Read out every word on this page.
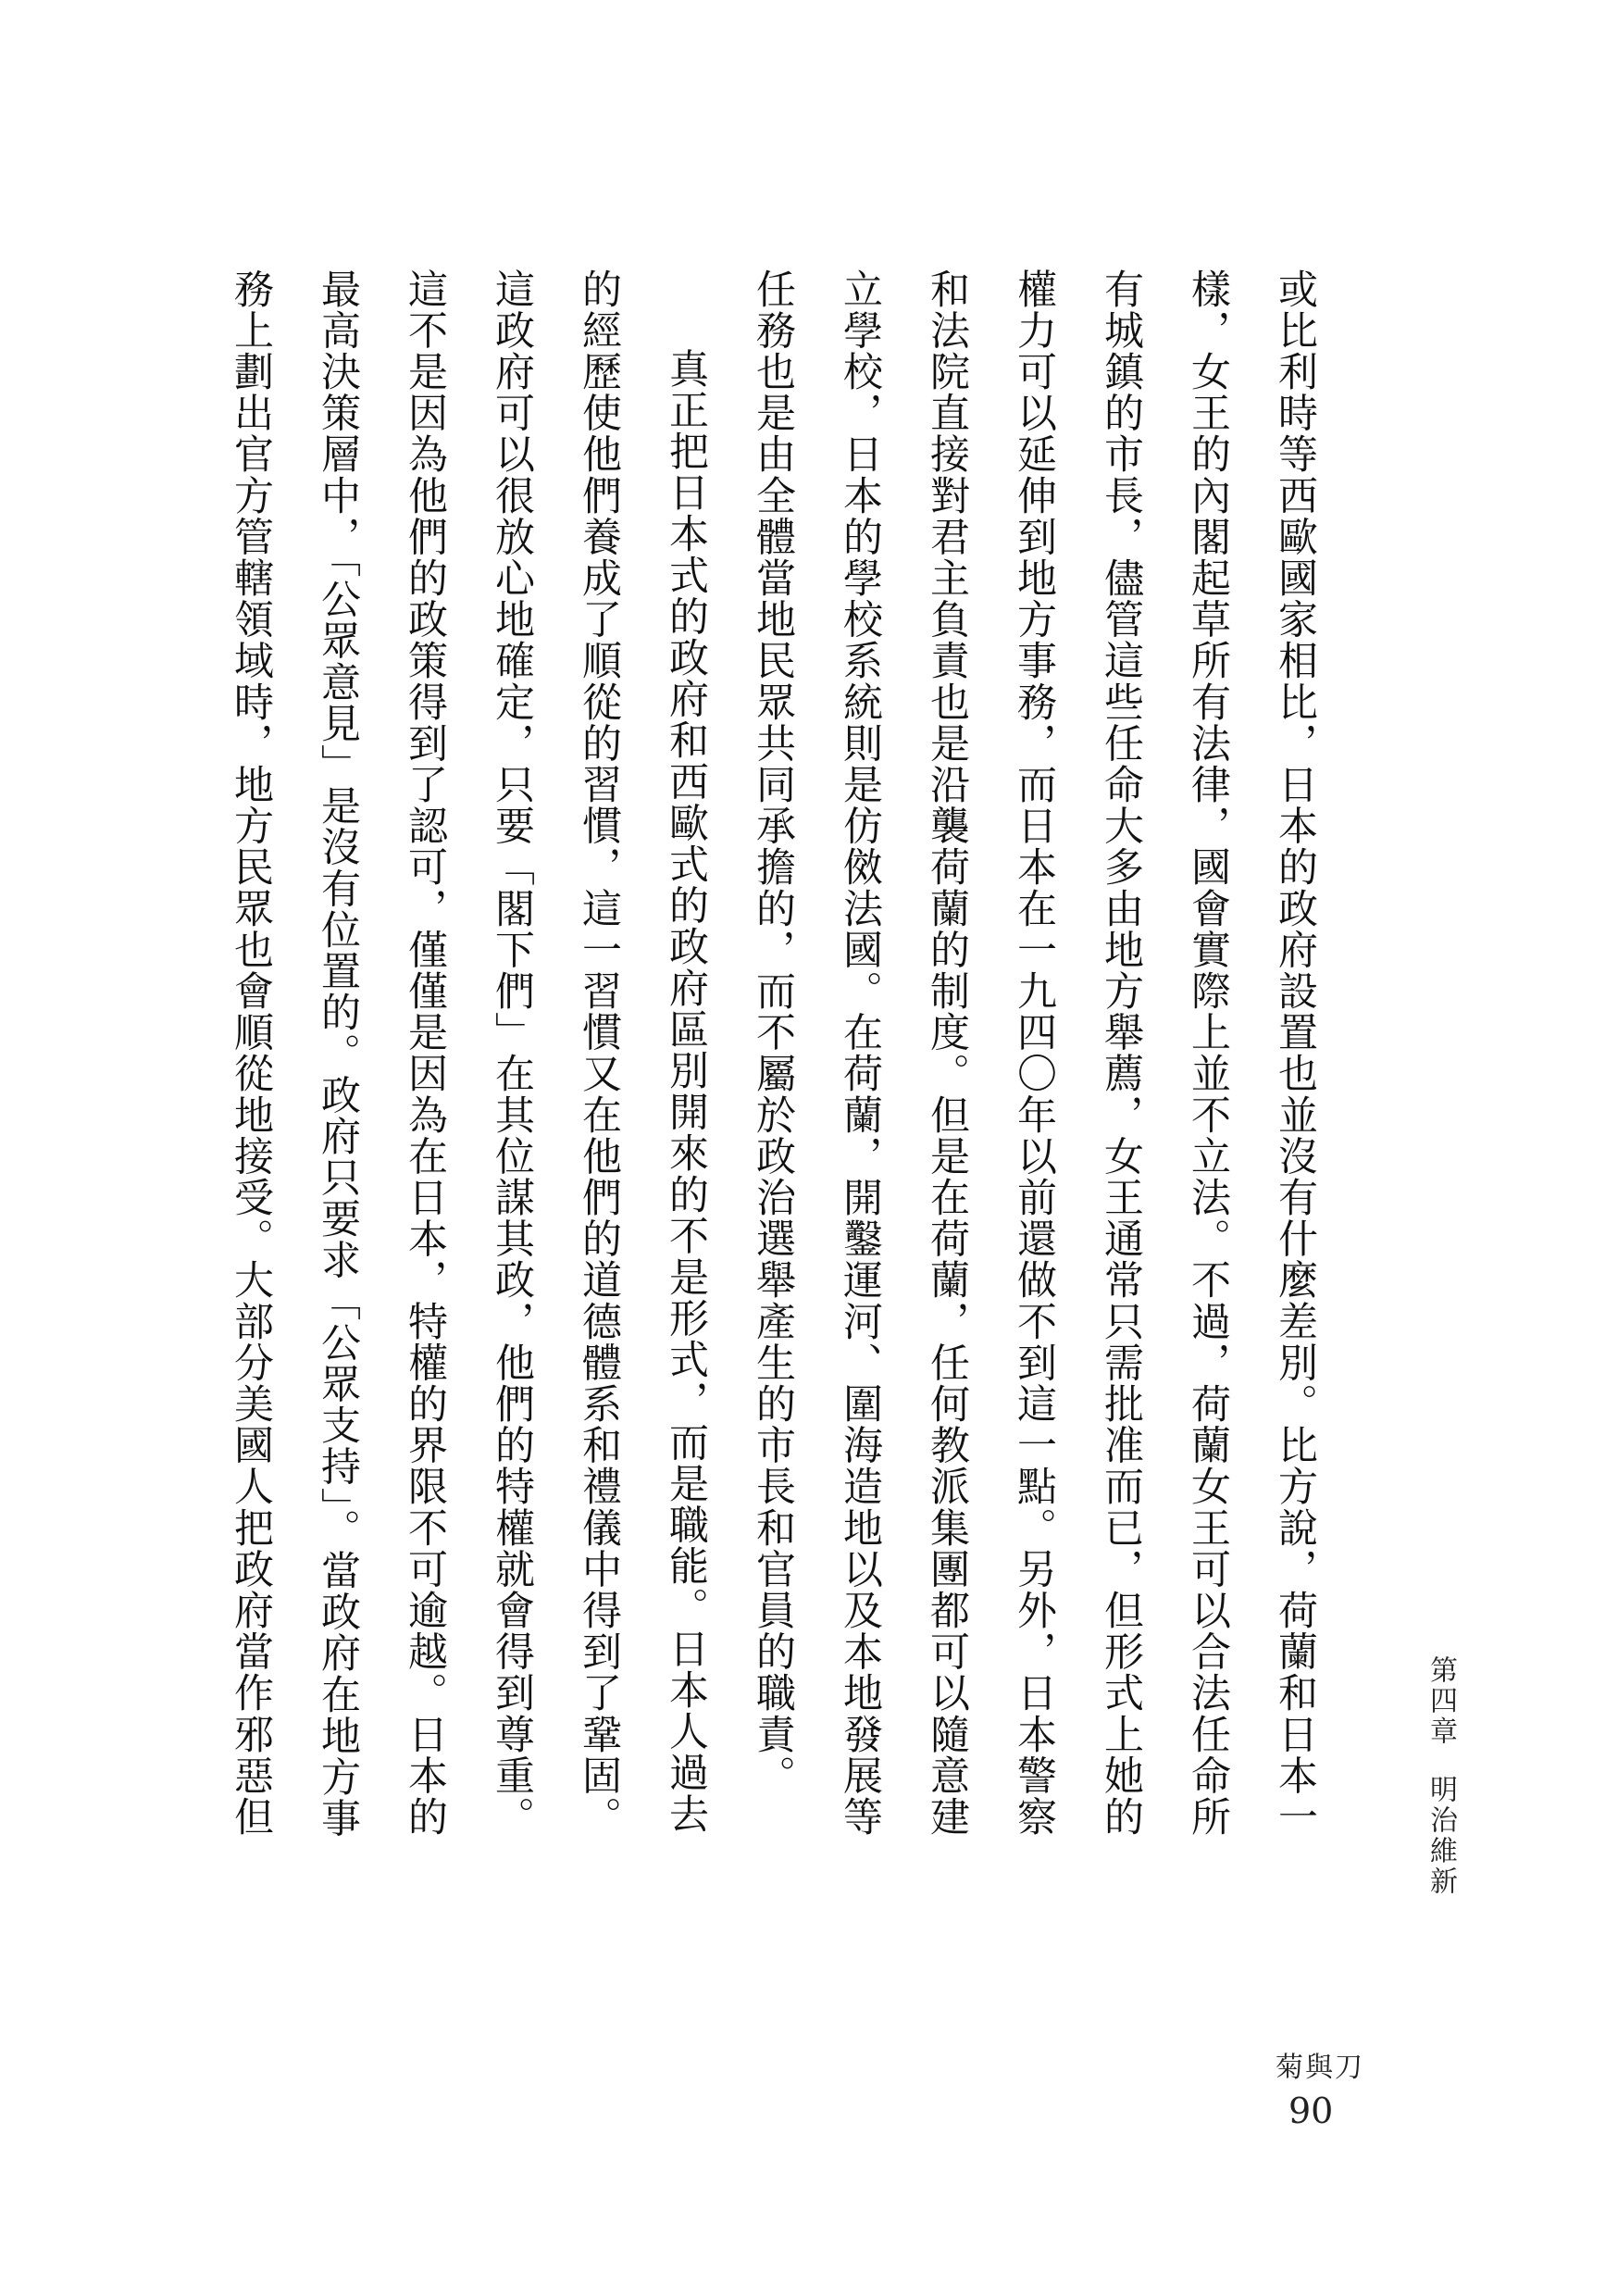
或比利時等西歐國家相比，日本的政府設置也並沒有什麼差別。比方說，荷蘭和日本一樣，女王的內閣起草所有法律，國會實際上並不立法。不過，荷蘭女王可以合法任命所有城鎮的市長，儘管這些任命大多由地方舉薦，女王通常只需批准而已，但形式上她的權力可以延伸到地方事務，而日本在一九四〇年以前還做不到這一點。另外，日本警察和法院直接對君主負責也是沿襲荷蘭的制度。但是在荷蘭，任何教派集團都可以隨意建立學校，日本的學校系統則是仿傚法國。在荷蘭，開鑿運河、圍海造地以及本地發展等任務也是由全體當地民眾共同承擔的，而不屬於政治選舉產生的市長和官員的職責。

真正把日本式的政府和西歐式的政府區別開來的不是形式，而是職能。日本人過去的經歷使他們養成了順從的習慣，這一習慣又在他們的道德體系和禮儀中得到了鞏固。這政府可以很放心地確定，只要「閣下們」在其位謀其政，他們的特權就會得到尊重。這不是因為他們的政策得到了認可，僅僅是因為在日本，特權的界限不可逾越。日本的最高決策層中，「公眾意見」是沒有位置的。政府只要求「公眾支持」。當政府在地方事務上劃出官方管轄領域時，地方民眾也會順從地接受。大部分美國人把政府當作邪惡但	第四章明治維新
菊與刀
90
